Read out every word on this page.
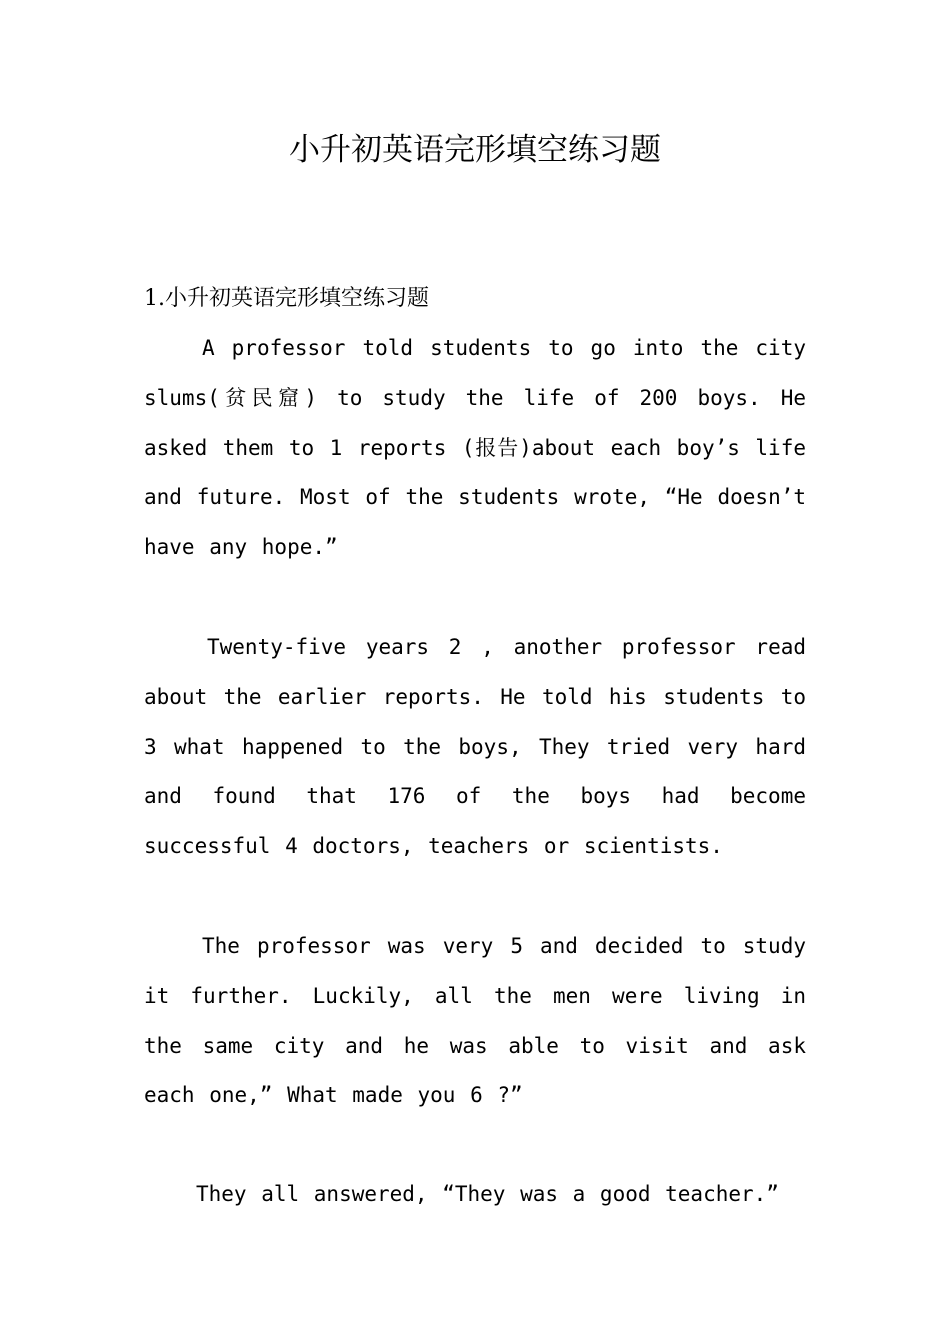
小升初英语完形填空练习题

1.小升初英语完形填空练习题

A professor told students to go into the city slums(贫民窟) to study the life of 200 boys. He asked them to 1 reports (报告)about each boy’s life and future. Most of the students wrote, “He doesn’t have any hope.”

Twenty-five years 2 , another professor read about the earlier reports. He told his students to 3 what happened to the boys, They tried very hard and found that 176 of the boys had become successful 4 doctors, teachers or scientists.

The professor was very 5 and decided to study it further. Luckily, all the men were living in the same city and he was able to visit and ask each one,” What made you 6 ?”

They all answered, “They was a good teacher.”
